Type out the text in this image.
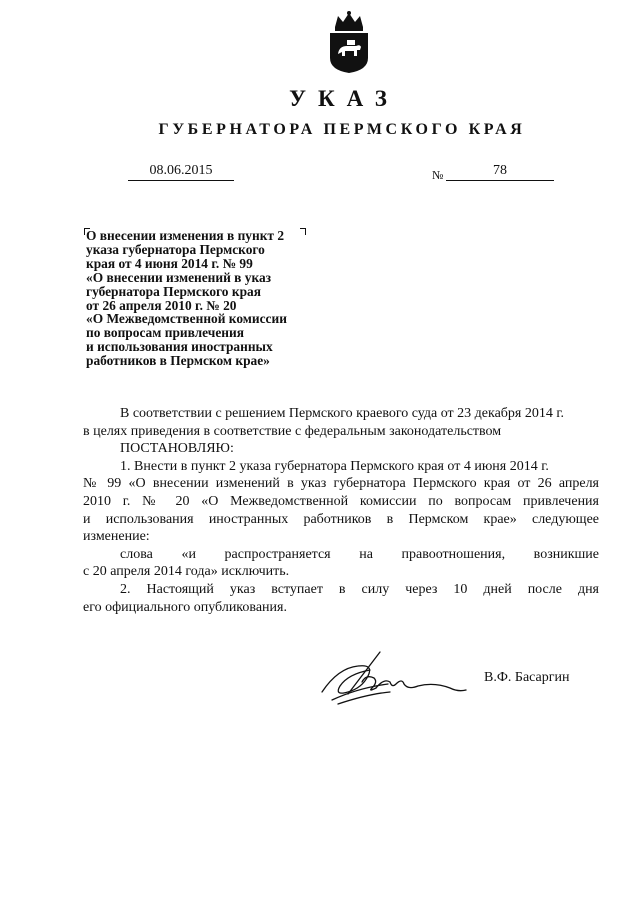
УКАЗ
ГУБЕРНАТОРА ПЕРМСКОГО КРАЯ
08.06.2015	№	78
О внесении изменения в пункт 2
указа губернатора Пермского
края от 4 июня 2014 г. № 99
«О внесении изменений в указ
губернатора Пермского края
от 26 апреля 2010 г. № 20
«О Межведомственной комиссии
по вопросам привлечения
и использования иностранных
работников в Пермском крае»
В соответствии с решением Пермского краевого суда от 23 декабря 2014 г.
в целях приведения в соответствие с федеральным законодательством
ПОСТАНОВЛЯЮ:
1. Внести в пункт 2 указа губернатора Пермского края от 4 июня 2014 г.
№ 99 «О внесении изменений в указ губернатора Пермского края от 26 апреля
2010 г. № 20 «О Межведомственной комиссии по вопросам привлечения
и использования иностранных работников в Пермском крае» следующее
изменение:
слова «и распространяется на правоотношения, возникшие
с 20 апреля 2014 года» исключить.
2. Настоящий указ вступает в силу через 10 дней после дня
его официального опубликования.
В.Ф. Басаргин
